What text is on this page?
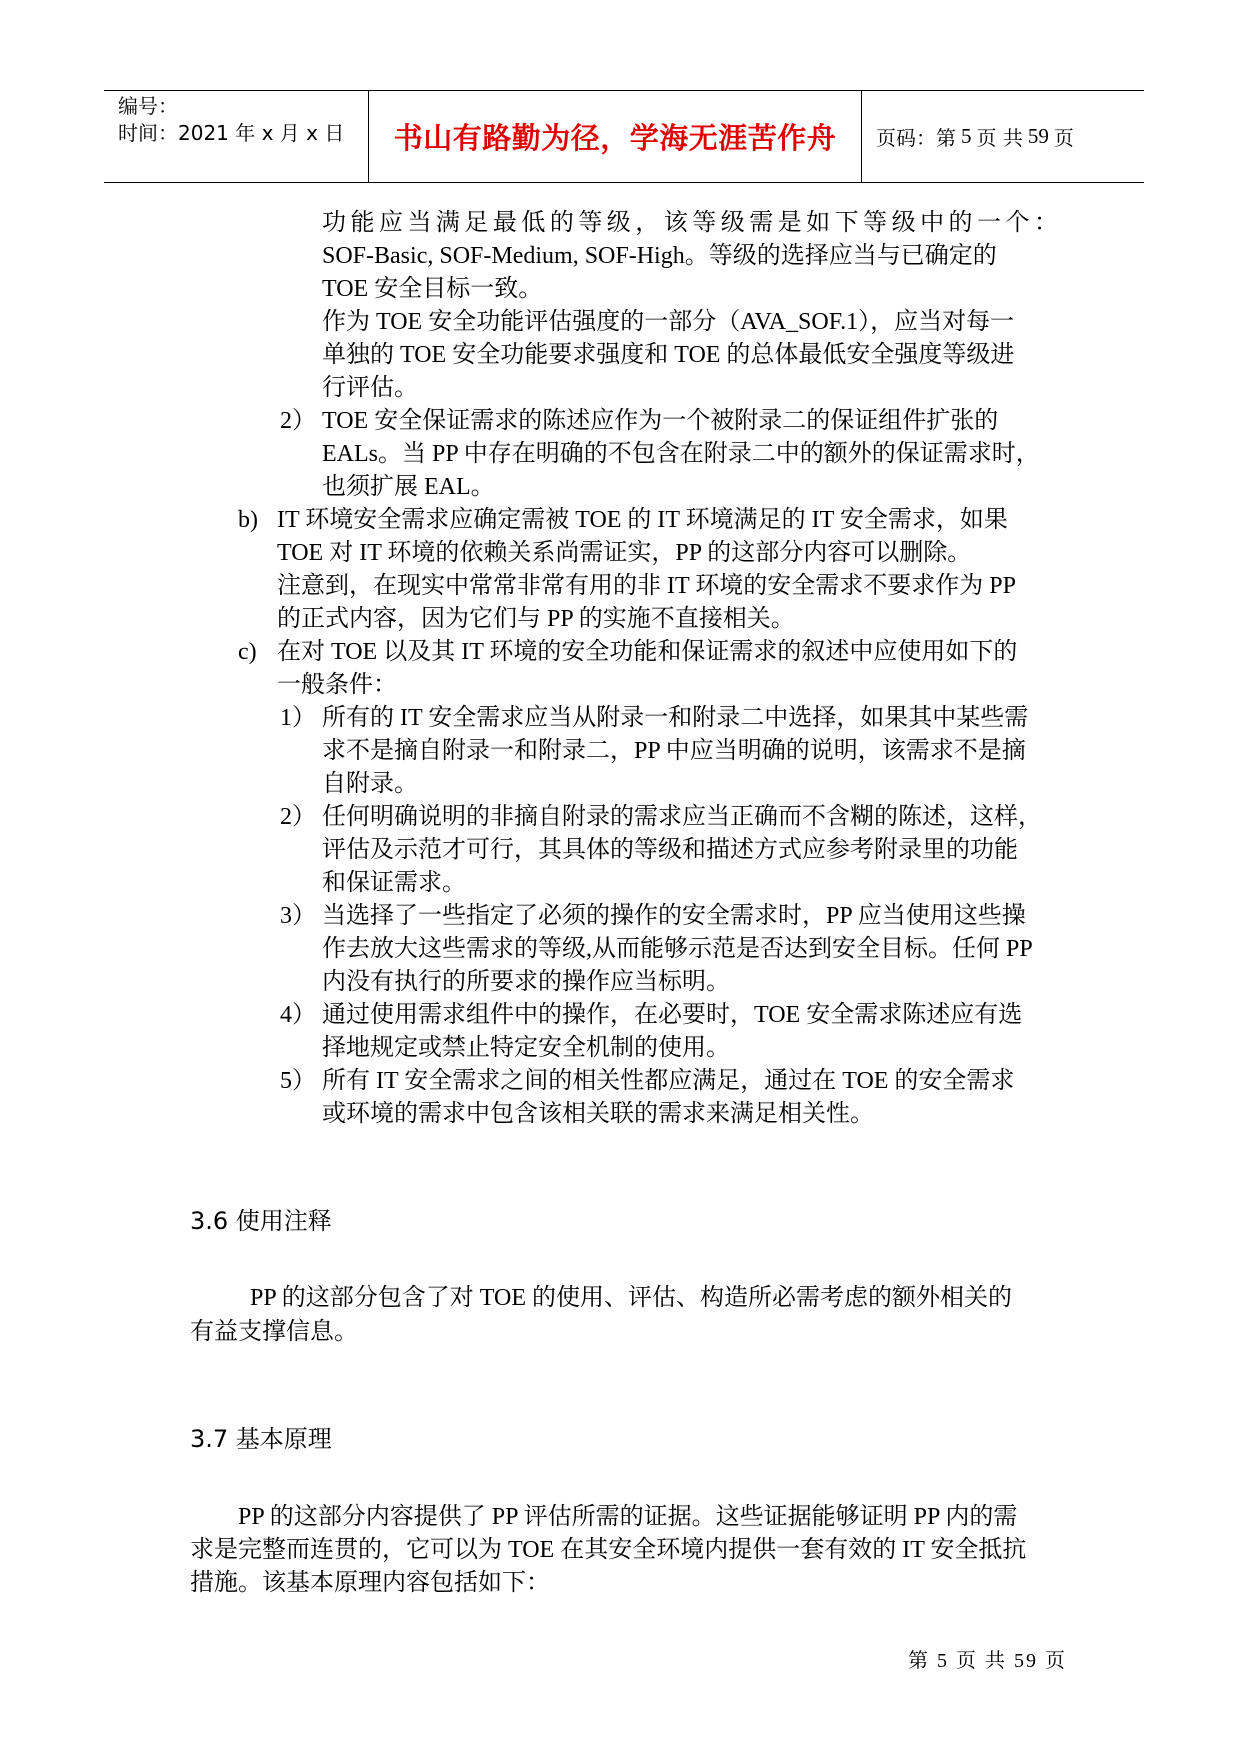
编号：
时间：2021 年 x 月 x 日	书山有路勤为径，学海无涯苦作舟	页码：第 5 页 共 59 页
功能应当满足最低的等级，该等级需是如下等级中的一个：
SOF-Basic, SOF-Medium, SOF-High。等级的选择应当与已确定的
TOE 安全目标一致。
作为 TOE 安全功能评估强度的一部分（AVA_SOF.1），应当对每一
单独的 TOE 安全功能要求强度和 TOE 的总体最低安全强度等级进
行评估。
2） TOE 安全保证需求的陈述应作为一个被附录二的保证组件扩张的
EALs。当 PP 中存在明确的不包含在附录二中的额外的保证需求时，
也须扩展 EAL。
b) IT 环境安全需求应确定需被 TOE 的 IT 环境满足的 IT 安全需求，如果
TOE 对 IT 环境的依赖关系尚需证实，PP 的这部分内容可以删除。
注意到，在现实中常常非常有用的非 IT 环境的安全需求不要求作为 PP
的正式内容，因为它们与 PP 的实施不直接相关。
c) 在对 TOE 以及其 IT 环境的安全功能和保证需求的叙述中应使用如下的
一般条件：
1） 所有的 IT 安全需求应当从附录一和附录二中选择，如果其中某些需
求不是摘自附录一和附录二，PP 中应当明确的说明，该需求不是摘
自附录。
2） 任何明确说明的非摘自附录的需求应当正确而不含糊的陈述，这样，
评估及示范才可行，其具体的等级和描述方式应参考附录里的功能
和保证需求。
3） 当选择了一些指定了必须的操作的安全需求时，PP 应当使用这些操
作去放大这些需求的等级,从而能够示范是否达到安全目标。任何 PP
内没有执行的所要求的操作应当标明。
4） 通过使用需求组件中的操作，在必要时，TOE 安全需求陈述应有选
择地规定或禁止特定安全机制的使用。
5） 所有 IT 安全需求之间的相关性都应满足，通过在 TOE 的安全需求
或环境的需求中包含该相关联的需求来满足相关性。
3.6 使用注释
PP 的这部分包含了对 TOE 的使用、评估、构造所必需考虑的额外相关的
有益支撑信息。
3.7 基本原理
PP 的这部分内容提供了 PP 评估所需的证据。这些证据能够证明 PP 内的需
求是完整而连贯的，它可以为 TOE 在其安全环境内提供一套有效的 IT 安全抵抗
措施。该基本原理内容包括如下：
第 5 页 共 59 页
